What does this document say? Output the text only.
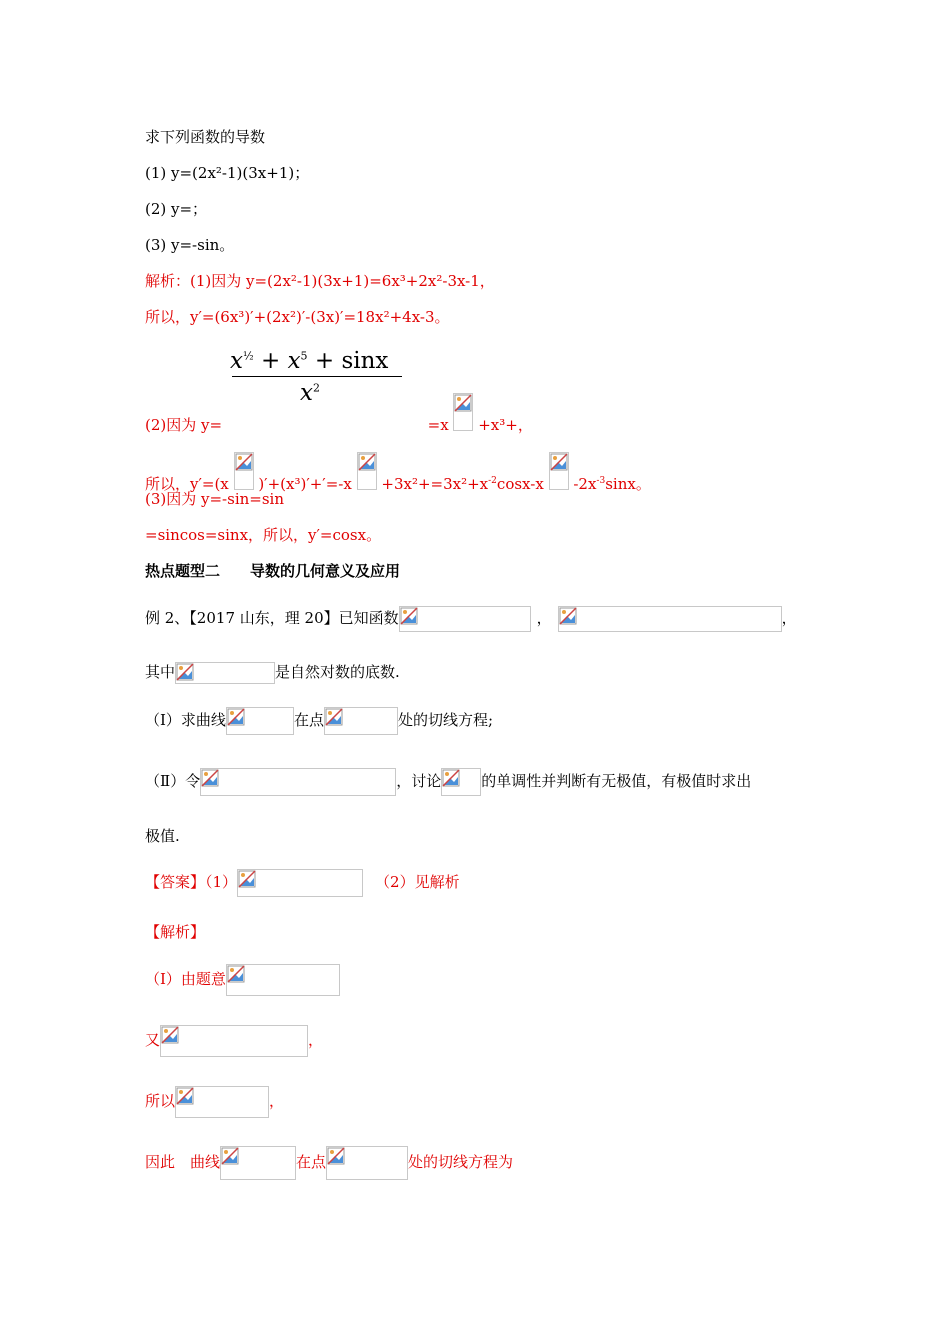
求下列函数的导数
(1) y=(2x²-1)(3x+1)；
(2) y=；
(3) y=-sin。
解析：(1)因为 y=(2x²-1)(3x+1)=6x³+2x²-3x-1，
所以，y′=(6x³)′+(2x²)′-(3x)′=18x²+4x-3。
$x^{\frac{1}{2}} + x^5 + \sin x$
$x^2$
(2)因为 y=	=x +x³+，
所以，y′=(x )$'+(x^3)'+'=-x +3x^2+=3x^2+x^{-2}\cos x-x$ $-2x^{-3}\sin x$。
(3)因为 y=-sin=sin
=sincos=sinx，所以，y′=cosx。
热点题型二　　导数的几何意义及应用
例 2、【2017 山东，理 20】已知函数	，	，
其中	是自然对数的底数.
（Ⅰ）求曲线	在点	处的切线方程;
（Ⅱ）令	，讨论	的单调性并判断有无极值，有极值时求出
极值.
【答案】（1）	（2）见解析
【解析】
（Ⅰ）由题意
又	，
所以	，
因此　曲线	在点	处的切线方程为
